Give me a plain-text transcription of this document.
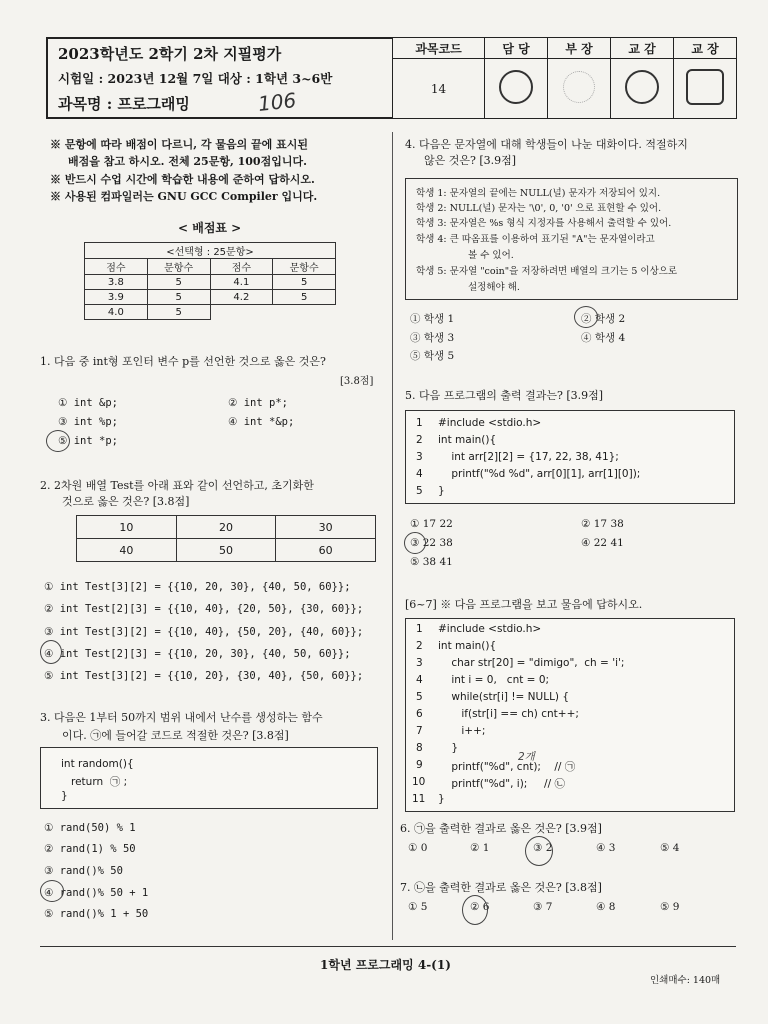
2023학년도 2학기 2차 지필평가
시험일 : 2023년 12월 7일 대상 : 1학년 3~6반
과목명 : 프로그래밍	106
과목코드	담 당	부 장	교 감	교 장
14				
※ 문항에 따라 배점이 다르니, 각 물음의 끝에 표시된
배점을 참고 하시오. 전체 25문항, 100점입니다.
※ 반드시 수업 시간에 학습한 내용에 준하여 답하시오.
※ 사용된 컴파일러는 GNU GCC Compiler 입니다.
< 배점표 >
<선택형 : 25문항>			
점수	문항수	점수	문항수
3.8	5	4.1	5
3.9	5	4.2	5
4.0	5		
1. 다음 중 int형 포인터 변수 p를 선언한 것으로 옳은 것은?
[3.8점]
① int &p;	② int p*;
③ int %p;	④ int *&p;
⑤ int *p;
2. 2차원 배열 Test를 아래 표와 같이 선언하고, 초기화한
것으로 옳은 것은? [3.8점]
10	20	30
40	50	60
① int Test[3][2] = {{10, 20, 30}, {40, 50, 60}};
② int Test[2][3] = {{10, 40}, {20, 50}, {30, 60}};
③ int Test[3][2] = {{10, 40}, {50, 20}, {40, 60}};
④ int Test[2][3] = {{10, 20, 30}, {40, 50, 60}};
⑤ int Test[3][2] = {{10, 20}, {30, 40}, {50, 60}};
3. 다음은 1부터 50까지 범위 내에서 난수를 생성하는 함수
이다. ㉠에 들어갈 코드로 적절한 것은? [3.8점]
int random(){
return  ㉠ ;
}
① rand(50) % 1
② rand(1) % 50
③ rand()% 50
④ rand()% 50 + 1
⑤ rand()% 1 + 50
4. 다음은 문자열에 대해 학생들이 나눈 대화이다. 적절하지
않은 것은? [3.9점]
학생 1: 문자열의 끝에는 NULL(널) 문자가 저장되어 있지.
학생 2: NULL(널) 문자는 '\0', 0, '0' 으로 표현할 수 있어.
학생 3: 문자열은 %s 형식 지정자를 사용해서 출력할 수 있어.
학생 4: 큰 따옴표를 이용하여 표기된 "A"는 문자열이라고
볼 수 있어.
학생 5: 문자열 "coin"을 저장하려면 배열의 크기는 5 이상으로
설정해야 해.
① 학생 1	② 학생 2
③ 학생 3	④ 학생 4
⑤ 학생 5
5. 다음 프로그램의 출력 결과는? [3.9점]
1
2
3
4
5
#include <stdio.h>
int main(){
int arr[2][2] = {17, 22, 38, 41};
printf("%d %d", arr[0][1], arr[1][0]);
}
① 17 22	② 17 38
③ 22 38	④ 22 41
⑤ 38 41
[6~7] ※ 다음 프로그램을 보고 물음에 답하시오.
1
2
3
4
5
6
7
8
9
10
11
#include <stdio.h>
int main(){
char str[20] = "dimigo",  ch = 'i';
int i = 0,   cnt = 0;
while(str[i] != NULL) {
if(str[i] == ch) cnt++;
i++;
}
printf("%d", cnt);    // ㉠
printf("%d", i);     // ㉡
}
2개
6. ㉠을 출력한 결과로 옳은 것은? [3.9점]
① 0	② 1	③ 2	④ 3	⑤ 4
7. ㉡을 출력한 결과로 옳은 것은? [3.8점]
① 5	② 6	③ 7	④ 8	⑤ 9
1학년 프로그래밍 4-(1)
인쇄매수: 140매
